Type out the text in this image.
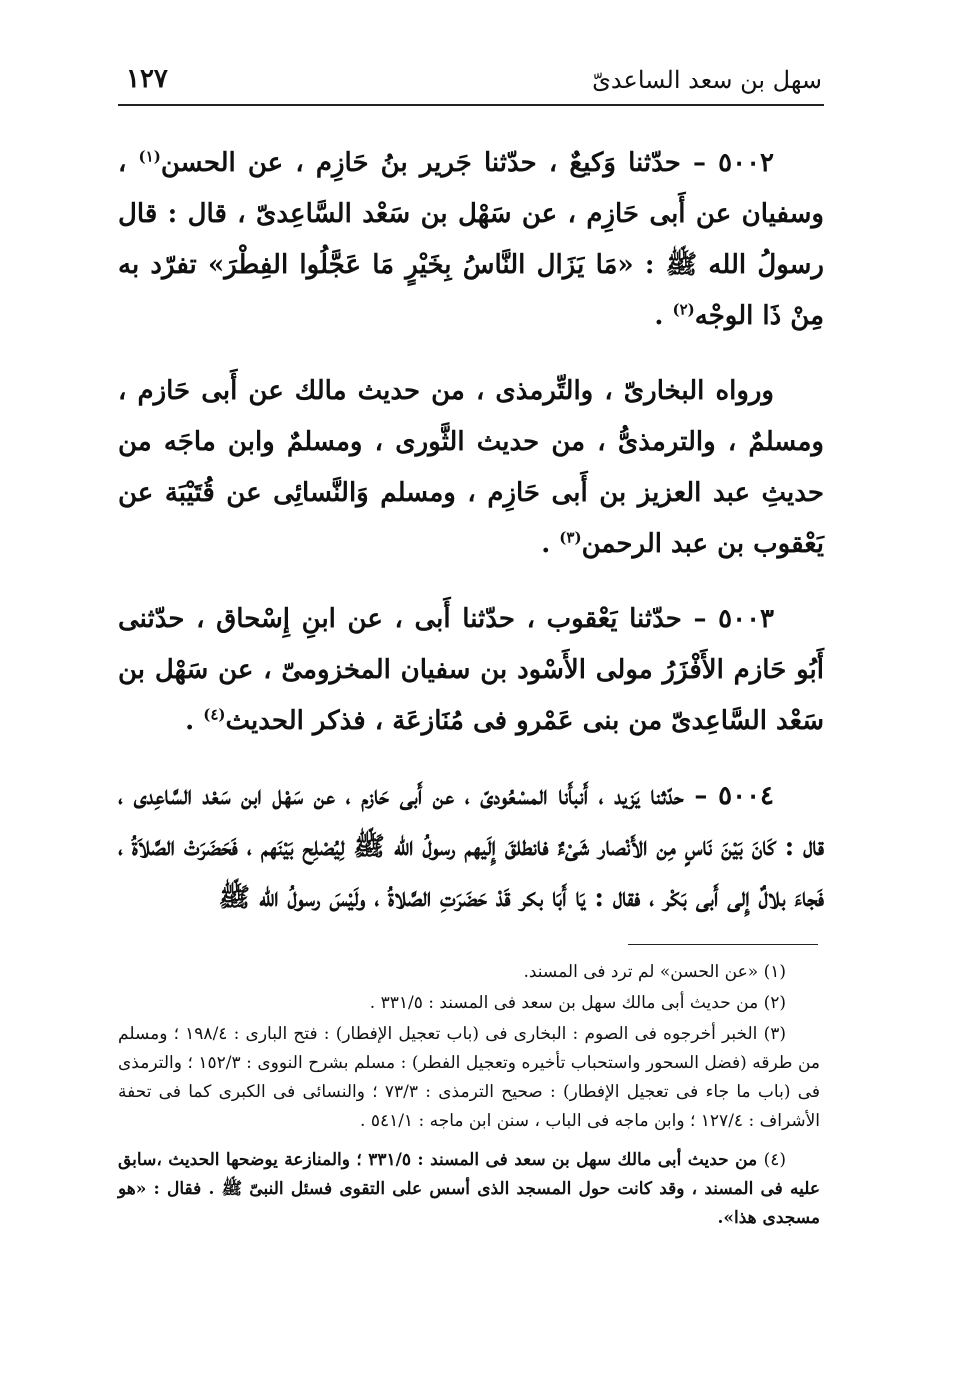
سهل بن سعد الساعدىّ
١٢٧

٥٠٠٢ – حدّثنا وَكيعٌ ، حدّثنا جَرير بنُ حَازِم ، عن الحسن$^{(١)}$ ، وسفيان عن أَبى حَازِم ، عن سَهْل بن سَعْد السَّاعِدىّ ، قال : قال رسولُ الله ﷺ : «مَا يَزَال النَّاسُ بِخَيْرٍ مَا عَجَّلُوا الفِطْرَ» تفرّد به مِنْ ذَا الوجْه$^{(٢)}$ .

ورواه البخارىّ ، والتِّرمذى ، من حديث مالك عن أَبى حَازم ، ومسلمٌ ، والترمذىُّ ، من حديث الثَّورى ، ومسلمٌ وابن ماجَه من حديثِ عبد العزيز بن أَبى حَازِم ، ومسلم وَالنَّسائِى عن قُتَيْبَة عن يَعْقوب بن عبد الرحمن$^{(٣)}$ .

٥٠٠٣ – حدّثنا يَعْقوب ، حدّثنا أَبى ، عن ابنِ إِسْحاق ، حدّثنى أَبُو حَازم الأَفْزَرُ مولى الأَسْود بن سفيان المخزومىّ ، عن سَهْل بن سَعْد السَّاعِدىّ من بنى عَمْرو فى مُنَازعَة ، فذكر الحديث$^{(٤)}$ .

٥٠٠٤ – حدّثنا يَزيد ، أَنبأَنا المسْعُودىّ ، عن أَبى حَازم ، عن سَهْل ابن سَعْد السَّاعِدى ، قال : كَانَ بَيْنَ نَاسٍ مِن الأَنْصار شَىْءٌ فانطلقَ إِلَيهم رسولُ الله ﷺ لِيُصْلِح بَيْنَهم ، فَحَضَرَتْ الصَّلاَةُ ، فَجاءَ بلالٌ إِلى أَبى بَكْر ، فقال : يَا أَبَا بكر قَدْ حَضَرَتِ الصَّلاةُ ، ولَيْسَ رسولُ الله ﷺ

(١) «عن الحسن» لم ترد فى المسند.

(٢) من حديث أبى مالك سهل بن سعد فى المسند : ٣٣١/٥ .

(٣) الخبر أخرجوه فى الصوم : البخارى فى (باب تعجيل الإفطار) : فتح البارى : ١٩٨/٤ ؛ ومسلم من طرقه (فضل السحور واستحباب تأخيره وتعجيل الفطر) : مسلم بشرح النووى : ١٥٢/٣ ؛ والترمذى فى (باب ما جاء فى تعجيل الإفطار) : صحيح الترمذى : ٧٣/٣ ؛ والنسائى فى الكبرى كما فى تحفة الأشراف : ١٢٧/٤ ؛ وابن ماجه فى الباب ، سنن ابن ماجه : ٥٤١/١ .

(٤) من حديث أبى مالك سهل بن سعد فى المسند : ٣٣١/٥ ؛ والمنازعة يوضحها الحديث ،سابق عليه فى المسند ، وقد كانت حول المسجد الذى أسس على التقوى فسئل النبىّ ﷺ . فقال : «هو مسجدى هذا».
